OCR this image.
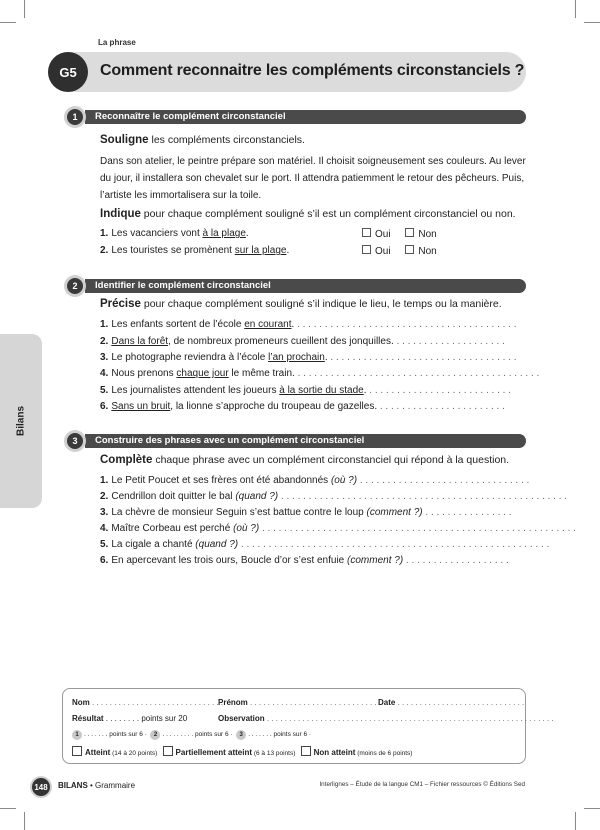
La phrase
G5	Comment reconnaitre les compléments circonstanciels ?
Bilans
Reconnaître le complément circonstanciel
1
Souligne les compléments circonstanciels.
Dans son atelier, le peintre prépare son matériel. Il choisit soigneusement ses couleurs. Au lever du jour, il installera son chevalet sur le port. Il attendra patiemment le retour des pêcheurs. Puis, l’artiste les immortalisera sur la toile.
Indique pour chaque complément souligné s’il est un complément circonstanciel ou non.
1. Les vacanciers vont à la plage.	Oui	Non
2. Les touristes se promènent sur la plage.	Oui	Non
Identifier le complément circonstanciel
2
Précise pour chaque complément souligné s’il indique le lieu, le temps ou la manière.
1. Les enfants sortent de l’école en courant. . . . . . . . . . . . . . . . . . . . . . . . . . . . . . . . . . . . . . . . .
2. Dans la forêt, de nombreux promeneurs cueillent des jonquilles. . . . . . . . . . . . . . . . . . . . .
3. Le photographe reviendra à l’école l’an prochain. . . . . . . . . . . . . . . . . . . . . . . . . . . . . . . . . . .
4. Nous prenons chaque jour le même train. . . . . . . . . . . . . . . . . . . . . . . . . . . . . . . . . . . . . . . . . . . . .
5. Les journalistes attendent les joueurs à la sortie du stade. . . . . . . . . . . . . . . . . . . . . . . . . . .
6. Sans un bruit, la lionne s’approche du troupeau de gazelles. . . . . . . . . . . . . . . . . . . . . . . .
Construire des phrases avec un complément circonstanciel
3
Complète chaque phrase avec un complément circonstanciel qui répond à la question.
1. Le Petit Poucet et ses frères ont été abandonnés (où ?) . . . . . . . . . . . . . . . . . . . . . . . . . . . . . . .
2. Cendrillon doit quitter le bal (quand ?) . . . . . . . . . . . . . . . . . . . . . . . . . . . . . . . . . . . . . . . . . . . . . . . . . . . .
3. La chèvre de monsieur Seguin s’est battue contre le loup (comment ?) . . . . . . . . . . . . . . . .
4. Maître Corbeau est perché (où ?) . . . . . . . . . . . . . . . . . . . . . . . . . . . . . . . . . . . . . . . . . . . . . . . . . . . . . . . . .
5. La cigale a chanté (quand ?) . . . . . . . . . . . . . . . . . . . . . . . . . . . . . . . . . . . . . . . . . . . . . . . . . . . . . . . .
6. En apercevant les trois ours, Boucle d’or s’est enfuie (comment ?) . . . . . . . . . . . . . . . . . . .
Nom . . . . . . . . . . . . . . . . . . . . . . . . . . . . . .
Prénom . . . . . . . . . . . . . . . . . . . . . . . . . . . . . Date . . . . . . . . . . . . . . . . . . . . . . . . . . . . .
Résultat . . . . . . . . points sur 20	Observation . . . . . . . . . . . . . . . . . . . . . . . . . . . . . . . . . . . . . . . . . . . . . . . . . . . . . . . . . . . . . . . . .
1 . . . . . . . points sur 6 · 2 . . . . . . . . . points sur 6 · 3 . . . . . . . points sur 6 ·
Atteint (14 à 20 points) Partiellement atteint (6 à 13 points) Non atteint (moins de 6 points)
148 BILANS • Grammaire	Interlignes – Étude de la langue CM1 – Fichier ressources © Éditions Sed
